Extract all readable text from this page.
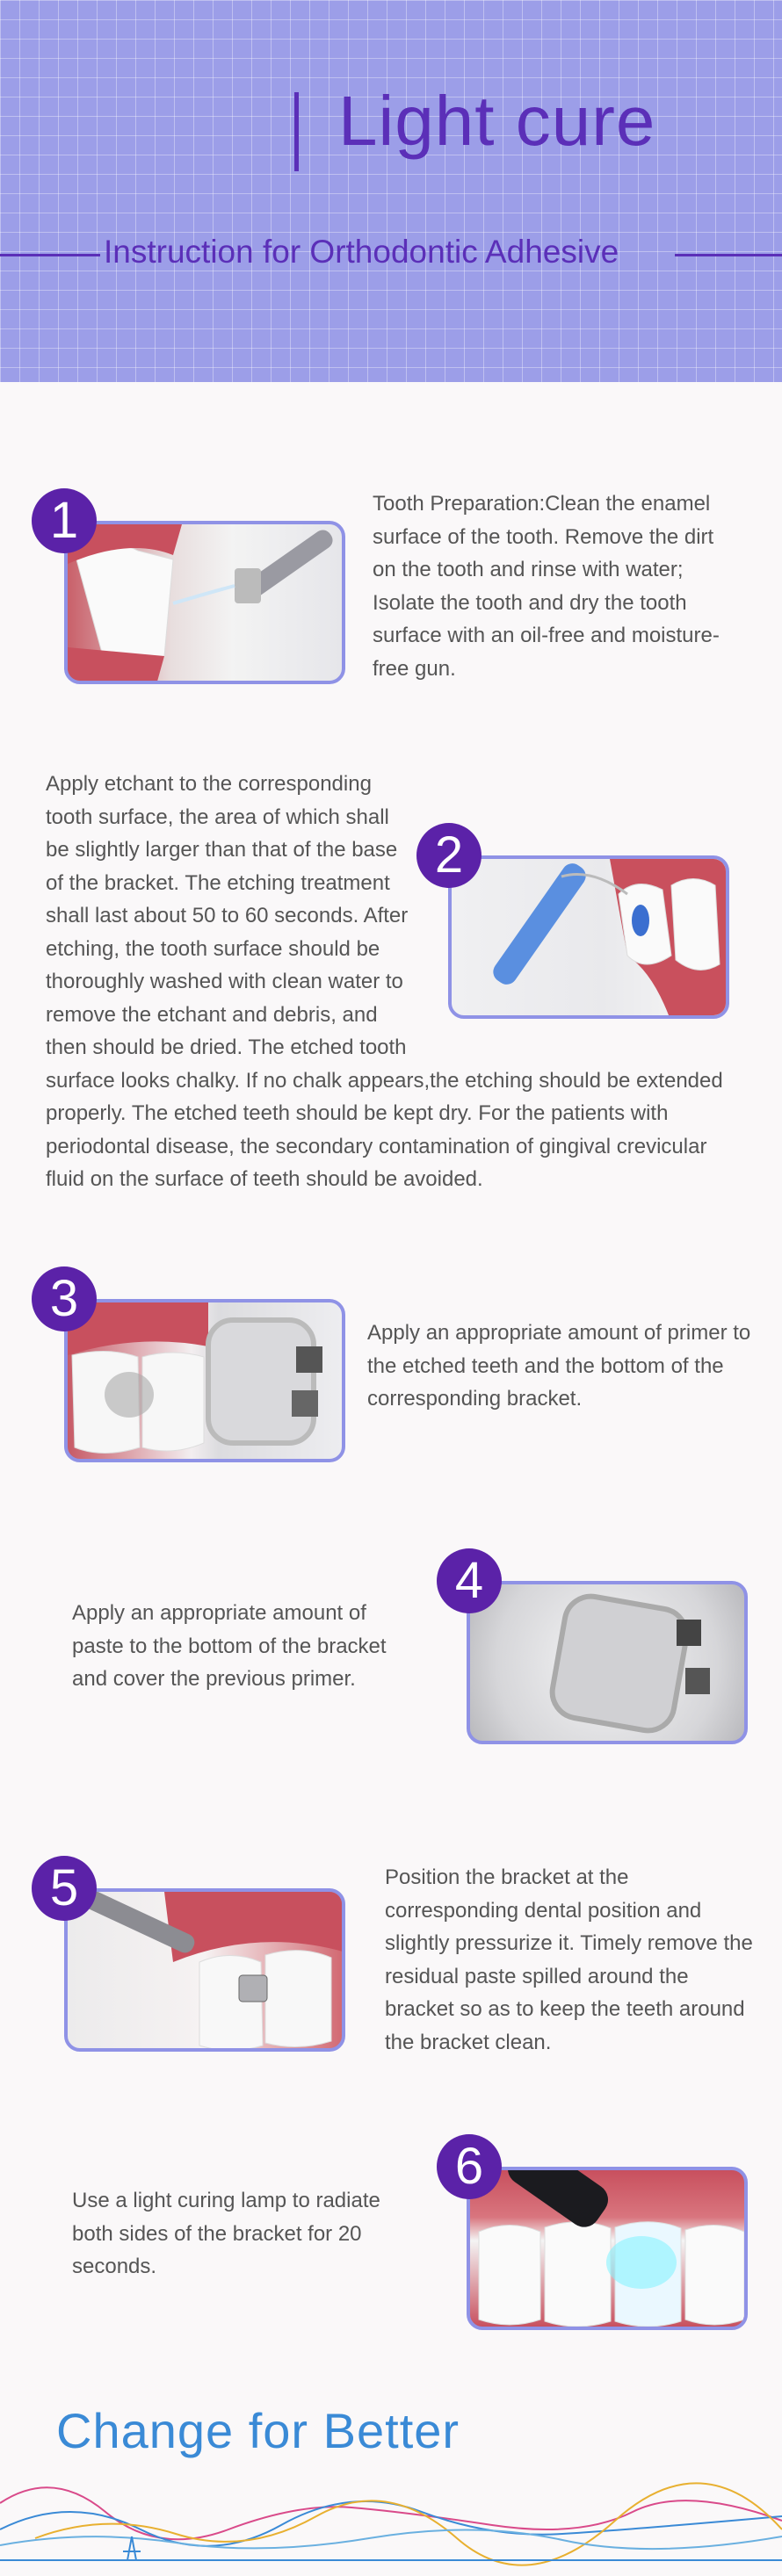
Light cure
Instruction for Orthodontic Adhesive
1	Tooth Preparation:Clean the enamel surface of the tooth. Remove the dirt on the tooth and rinse with water; Isolate the tooth and dry the tooth surface with an oil-free and moisture-free gun.
Apply etchant to the corresponding
tooth surface, the area of which shall
be slightly larger than that of the base
of the bracket. The etching treatment
shall last about 50 to 60 seconds. After
etching, the tooth surface should be
thoroughly washed with clean water to
remove the etchant and debris, and
then should be dried. The etched tooth
surface looks chalky. If no chalk appears,the etching should be extended
properly. The etched teeth should be kept dry. For the patients with
periodontal disease, the secondary contamination of gingival crevicular
fluid on the surface of teeth should be avoided.
2
3
Apply an appropriate amount of primer to the etched teeth and the bottom of the corresponding bracket.
Apply an appropriate amount of paste to the bottom of the bracket and cover the previous primer.
4
5	Position the bracket at the corresponding dental position and slightly pressurize it. Timely remove the residual paste spilled around the bracket so as to keep the teeth around the bracket clean.
Use a light curing lamp to radiate both sides of the bracket for 20 seconds.
6
Change for Better
